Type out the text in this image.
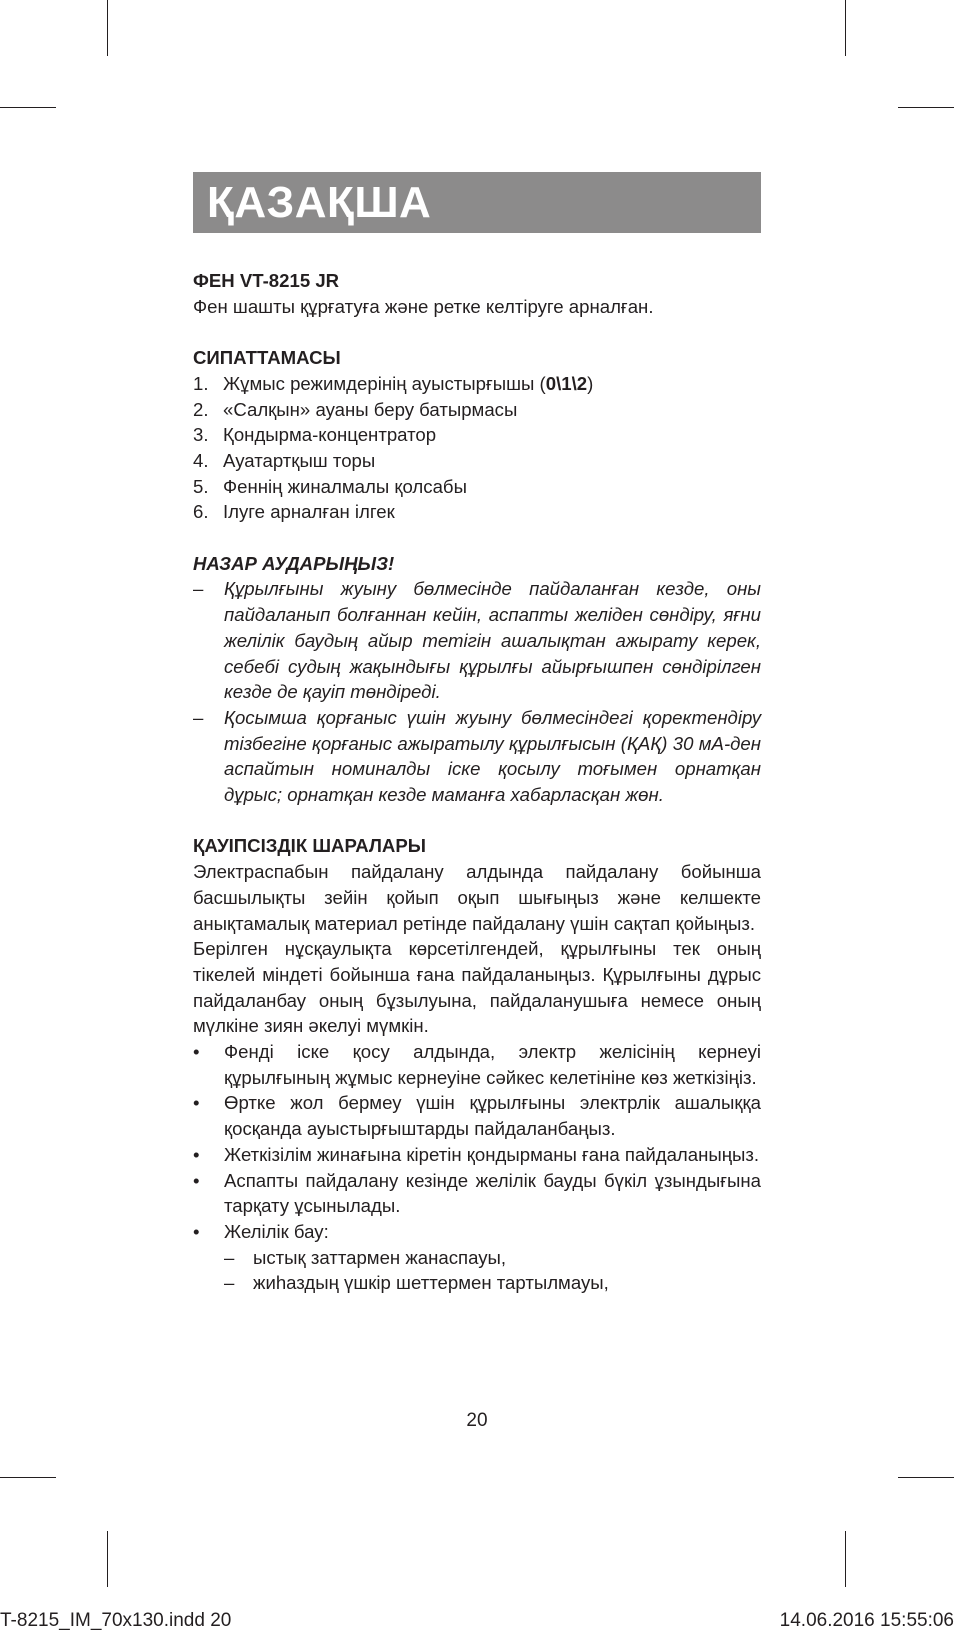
ҚАЗАҚША
ФЕН VT-8215 JR

Фен шашты құрғатуға және ретке келтіруге арналған.

СИПАТТАМАСЫ
1. Жұмыс режимдерінің ауыстырғышы (0\1\2)
2. «Салқын» ауаны беру батырмасы
3. Қондырма-концентратор
4. Ауатартқыш торы
5. Феннің жиналмалы қолсабы
6. Ілуге арналған ілгек
НАЗАР АУДАРЫҢЫЗ!
–	Құрылғыны жуыну бөлмесінде пайдаланған кезде, оны пайдаланып болғаннан кейін, аспапты желіден сөндіру, яғни желілік баудың айыр тетігін ашалықтан ажырату керек, себебі судың жақындығы құрылғы айырғышпен сөндірілген кезде де қауіп төндіреді.
–	Қосымша қорғаныс үшін жуыну бөлмесіндегі қоректендіру тізбегіне қорғаныс ажыратылу құрылғысын (ҚАҚ) 30 мА-ден аспайтын номиналды іске қосылу тоғымен орнатқан дұрыс; орнатқан кезде маманға хабарласқан жөн.
ҚАУІПСІЗДІК ШАРАЛАРЫ

Электраспабын пайдалану алдында пайдалану бойынша басшылықты зейін қойып оқып шығыңыз және келшекте анықтамалық материал ретінде пайдалану үшін сақтап қойыңыз.

Берілген нұсқаулықта көрсетілгендей, құрылғыны тек оның тікелей міндеті бойынша ғана пайдаланыңыз. Құрылғыны дұрыс пайдаланбау оның бұзылуына, пайдаланушыға немесе оның мүлкіне зиян әкелуі мүмкін.

•	Фенді іске қосу алдында, электр желісінің кернеуі құрылғының жұмыс кернеуіне сәйкес келетініне көз жеткізіңіз.
•	Өртке жол бермеу үшін құрылғыны электрлік ашалыққа қосқанда ауыстырғыштарды пайдаланбаңыз.
•	Жеткізілім жинағына кіретін қондырманы ғана пайдаланыңыз.
•	Аспапты пайдалану кезінде желілік бауды бүкіл ұзындығына тарқату ұсынылады.
•	Желілік бау:
–	ыстық заттармен жанаспауы,
–	жиһаздың үшкір шеттермен тартылмауы,
20
T-8215_IM_70x130.indd 20	14.06.2016 15:55:06
